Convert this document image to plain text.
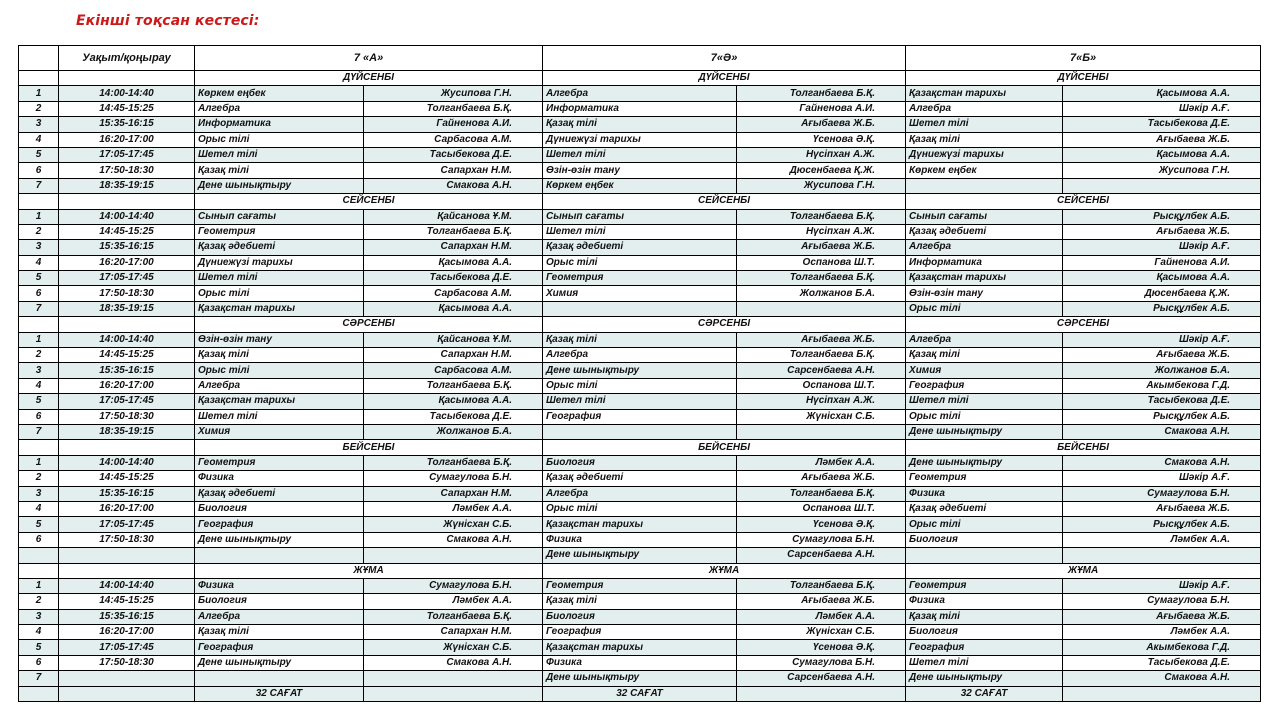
Екінші тоқсан кестесі:
	Уақыт/қоңырау	7 «А»		7«Ә»		7«Б»	
		ДҮЙСЕНБІ		ДҮЙСЕНБІ		ДҮЙСЕНБІ	
1	14:00-14:40	Көркем еңбек	Жусипова Г.Н.	Алгебра	Толганбаева Б.Қ.	Қазақстан тарихы	Қасымова А.А.
2	14:45-15:25	Алгебра	Толганбаева Б.Қ.	Информатика	Гайненова А.И.	Алгебра	Шәкір А.Ғ.
3	15:35-16:15	Информатика	Гайненова А.И.	Қазақ тілі	Ағыбаева Ж.Б.	Шетел тілі	Тасыбекова Д.Е.
4	16:20-17:00	Орыс тілі	Сарбасова А.М.	Дүниежүзі тарихы	Үсенова Ә.Қ.	Қазақ тілі	Ағыбаева Ж.Б.
5	17:05-17:45	Шетел тілі	Тасыбекова Д.Е.	Шетел тілі	Нүсіпхан А.Ж.	Дүниежүзі тарихы	Қасымова А.А.
6	17:50-18:30	Қазақ тілі	Сапархан Н.М.	Өзін-өзін тану	Дюсенбаева Қ.Ж.	Көркем еңбек	Жусипова Г.Н.
7	18:35-19:15	Дене шынықтыру	Смакова А.Н.	Көркем еңбек	Жусипова Г.Н.		
		СЕЙСЕНБІ		СЕЙСЕНБІ		СЕЙСЕНБІ	
1	14:00-14:40	Сынып сағаты	Қайсанова Ұ.М.	Сынып сағаты	Толганбаева Б.Қ.	Сынып сағаты	Рысқұлбек А.Б.
2	14:45-15:25	Геометрия	Толганбаева Б.Қ.	Шетел тілі	Нүсіпхан А.Ж.	Қазақ әдебиеті	Ағыбаева Ж.Б.
3	15:35-16:15	Қазақ әдебиеті	Сапархан Н.М.	Қазақ әдебиеті	Ағыбаева Ж.Б.	Алгебра	Шәкір А.Ғ.
4	16:20-17:00	Дүниежүзі тарихы	Қасымова А.А.	Орыс тілі	Оспанова Ш.Т.	Информатика	Гайненова А.И.
5	17:05-17:45	Шетел тілі	Тасыбекова Д.Е.	Геометрия	Толганбаева Б.Қ.	Қазақстан тарихы	Қасымова А.А.
6	17:50-18:30	Орыс тілі	Сарбасова А.М.	Химия	Жолжанов Б.А.	Өзін-өзін тану	Дюсенбаева Қ.Ж.
7	18:35-19:15	Қазақстан тарихы	Қасымова А.А.			Орыс тілі	Рысқұлбек А.Б.
		СӘРСЕНБІ		СӘРСЕНБІ		СӘРСЕНБІ	
1	14:00-14:40	Өзін-өзін тану	Қайсанова Ұ.М.	Қазақ тілі	Ағыбаева Ж.Б.	Алгебра	Шәкір А.Ғ.
2	14:45-15:25	Қазақ тілі	Сапархан Н.М.	Алгебра	Толганбаева Б.Қ.	Қазақ тілі	Ағыбаева Ж.Б.
3	15:35-16:15	Орыс тілі	Сарбасова А.М.	Дене шынықтыру	Сарсенбаева А.Н.	Химия	Жолжанов Б.А.
4	16:20-17:00	Алгебра	Толганбаева Б.Қ.	Орыс тілі	Оспанова Ш.Т.	География	Акымбекова Г.Д.
5	17:05-17:45	Қазақстан тарихы	Қасымова А.А.	Шетел тілі	Нүсіпхан А.Ж.	Шетел тілі	Тасыбекова Д.Е.
6	17:50-18:30	Шетел тілі	Тасыбекова Д.Е.	География	Жүнісхан С.Б.	Орыс тілі	Рысқұлбек А.Б.
7	18:35-19:15	Химия	Жолжанов Б.А.			Дене шынықтыру	Смакова А.Н.
		БЕЙСЕНБІ		БЕЙСЕНБІ		БЕЙСЕНБІ	
1	14:00-14:40	Геометрия	Толганбаева Б.Қ.	Биология	Ләмбек А.А.	Дене шынықтыру	Смакова А.Н.
2	14:45-15:25	Физика	Сумагулова Б.Н.	Қазақ әдебиеті	Ағыбаева Ж.Б.	Геометрия	Шәкір А.Ғ.
3	15:35-16:15	Қазақ әдебиеті	Сапархан Н.М.	Алгебра	Толганбаева Б.Қ.	Физика	Сумагулова Б.Н.
4	16:20-17:00	Биология	Ләмбек А.А.	Орыс тілі	Оспанова Ш.Т.	Қазақ әдебиеті	Ағыбаева Ж.Б.
5	17:05-17:45	География	Жүнісхан С.Б.	Қазақстан тарихы	Үсенова Ә.Қ.	Орыс тілі	Рысқұлбек А.Б.
6	17:50-18:30	Дене шынықтыру	Смакова А.Н.	Физика	Сумагулова Б.Н.	Биология	Ләмбек А.А.
				Дене шынықтыру	Сарсенбаева А.Н.		
		ЖҰМА		ЖҰМА		ЖҰМА	
1	14:00-14:40	Физика	Сумагулова Б.Н.	Геометрия	Толганбаева Б.Қ.	Геометрия	Шәкір А.Ғ.
2	14:45-15:25	Биология	Ләмбек А.А.	Қазақ тілі	Ағыбаева Ж.Б.	Физика	Сумагулова Б.Н.
3	15:35-16:15	Алгебра	Толганбаева Б.Қ.	Биология	Ләмбек А.А.	Қазақ тілі	Ағыбаева Ж.Б.
4	16:20-17:00	Қазақ тілі	Сапархан Н.М.	География	Жүнісхан С.Б.	Биология	Ләмбек А.А.
5	17:05-17:45	География	Жүнісхан С.Б.	Қазақстан тарихы	Үсенова Ә.Қ.	География	Акымбекова Г.Д.
6	17:50-18:30	Дене шынықтыру	Смакова А.Н.	Физика	Сумагулова Б.Н.	Шетел тілі	Тасыбекова Д.Е.
7				Дене шынықтыру	Сарсенбаева А.Н.	Дене шынықтыру	Смакова А.Н.
		32 САҒАТ		32 САҒАТ		32 САҒАТ	
